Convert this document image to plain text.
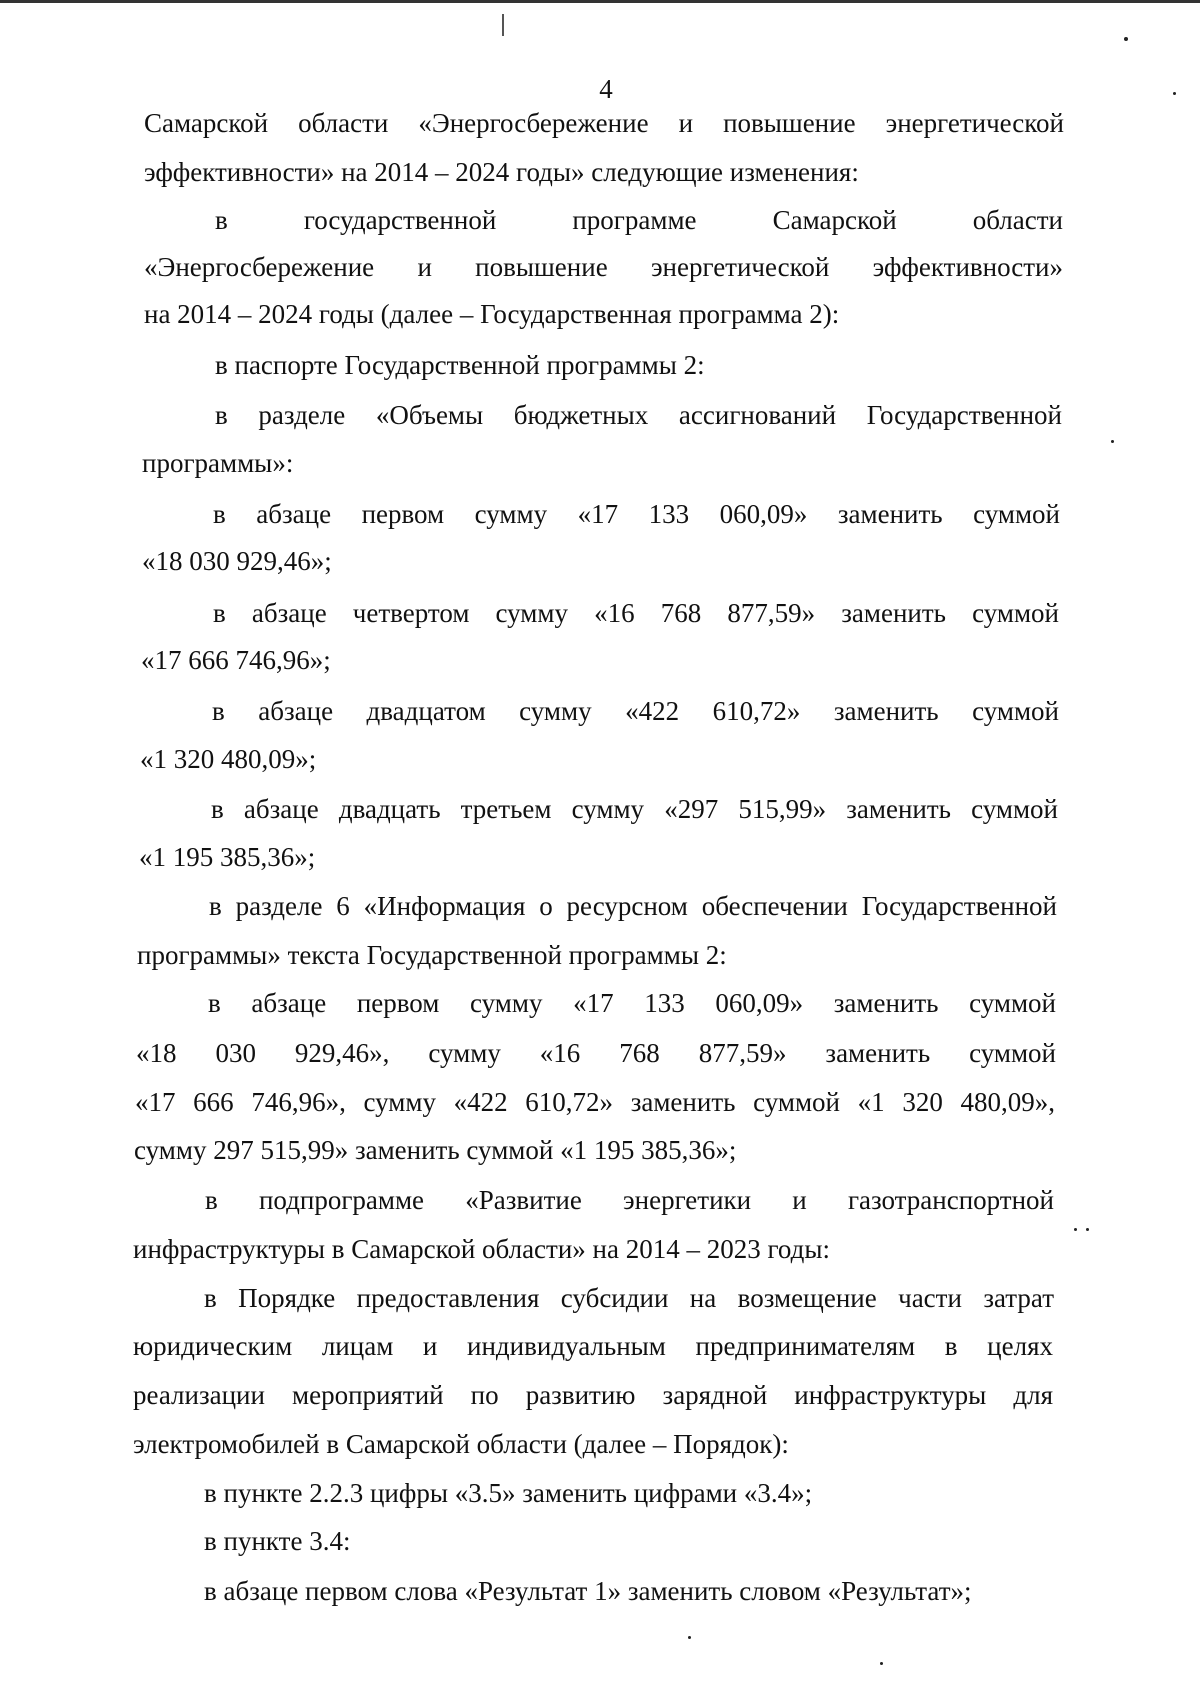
4
Самарской области «Энергосбережение и повышение энергетической
эффективности» на 2014 – 2024 годы» следующие изменения:
в государственной программе Самарской области
«Энергосбережение и повышение энергетической эффективности»
на 2014 – 2024 годы (далее – Государственная программа 2):
в паспорте Государственной программы 2:
в разделе «Объемы бюджетных ассигнований Государственной
программы»:
в абзаце первом сумму «17 133 060,09» заменить суммой
«18 030 929,46»;
в абзаце четвертом сумму «16 768 877,59» заменить суммой
«17 666 746,96»;
в абзаце двадцатом сумму «422 610,72» заменить суммой
«1 320 480,09»;
в абзаце двадцать третьем сумму «297 515,99» заменить суммой
«1 195 385,36»;
в разделе 6 «Информация о ресурсном обеспечении Государственной
программы» текста Государственной программы 2:
в абзаце первом сумму «17 133 060,09» заменить суммой
«18 030 929,46», сумму «16 768 877,59» заменить суммой
«17 666 746,96», сумму «422 610,72» заменить суммой «1 320 480,09»,
сумму 297 515,99» заменить суммой «1 195 385,36»;
в подпрограмме «Развитие энергетики и газотранспортной
инфраструктуры в Самарской области» на 2014 – 2023 годы:
в Порядке предоставления субсидии на возмещение части затрат
юридическим лицам и индивидуальным предпринимателям в целях
реализации мероприятий по развитию зарядной инфраструктуры для
электромобилей в Самарской области (далее – Порядок):
в пункте 2.2.3 цифры «3.5» заменить цифрами «3.4»;
в пункте 3.4:
в абзаце первом слова «Результат 1» заменить словом «Результат»;
